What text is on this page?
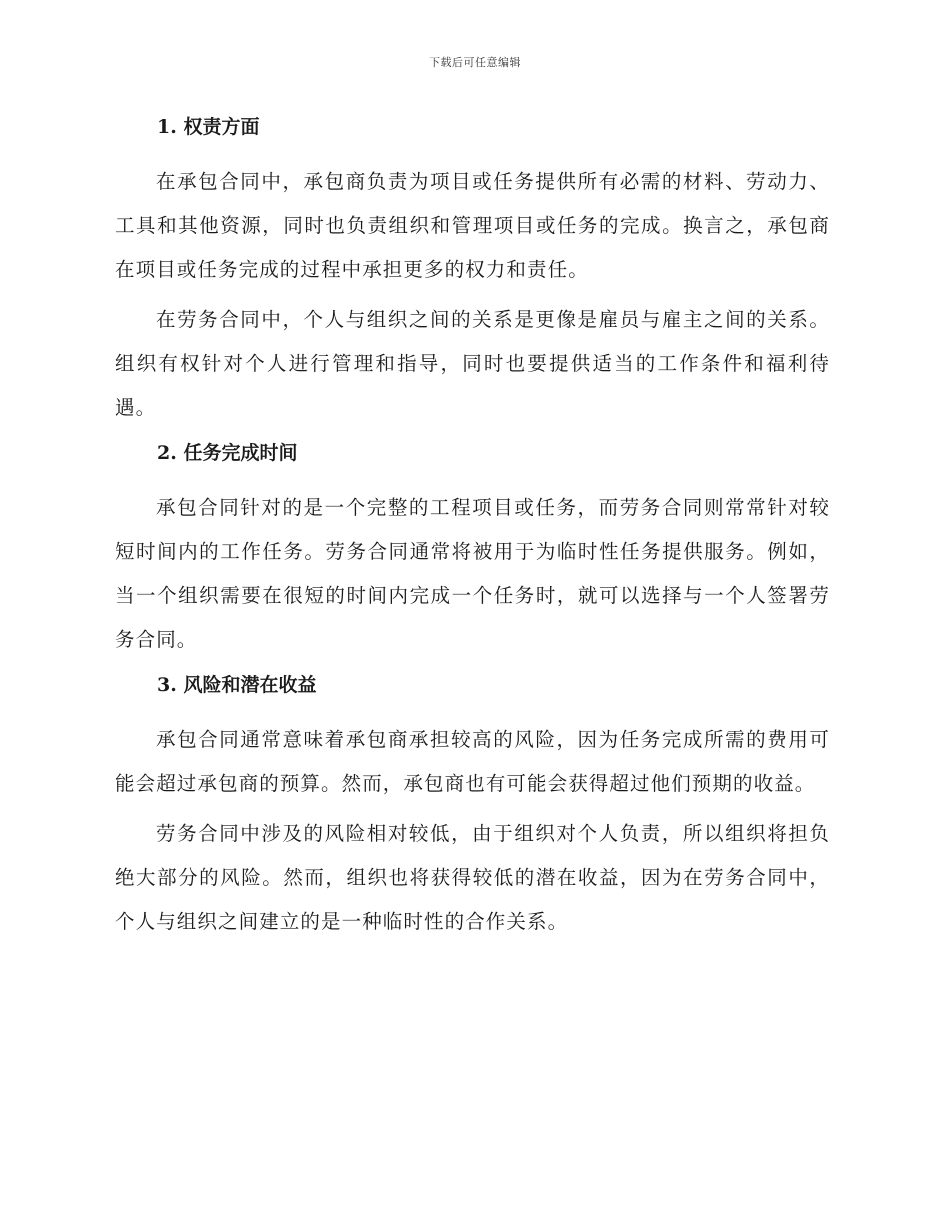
下载后可任意编辑
1. 权责方面

在承包合同中，承包商负责为项目或任务提供所有必需的材料、劳动力、工具和其他资源，同时也负责组织和管理项目或任务的完成。换言之，承包商在项目或任务完成的过程中承担更多的权力和责任。

在劳务合同中，个人与组织之间的关系是更像是雇员与雇主之间的关系。组织有权针对个人进行管理和指导，同时也要提供适当的工作条件和福利待遇。

2. 任务完成时间

承包合同针对的是一个完整的工程项目或任务，而劳务合同则常常针对较短时间内的工作任务。劳务合同通常将被用于为临时性任务提供服务。例如，当一个组织需要在很短的时间内完成一个任务时，就可以选择与一个人签署劳务合同。

3. 风险和潜在收益

承包合同通常意味着承包商承担较高的风险，因为任务完成所需的费用可能会超过承包商的预算。然而，承包商也有可能会获得超过他们预期的收益。

劳务合同中涉及的风险相对较低，由于组织对个人负责，所以组织将担负绝大部分的风险。然而，组织也将获得较低的潜在收益，因为在劳务合同中，个人与组织之间建立的是一种临时性的合作关系。
